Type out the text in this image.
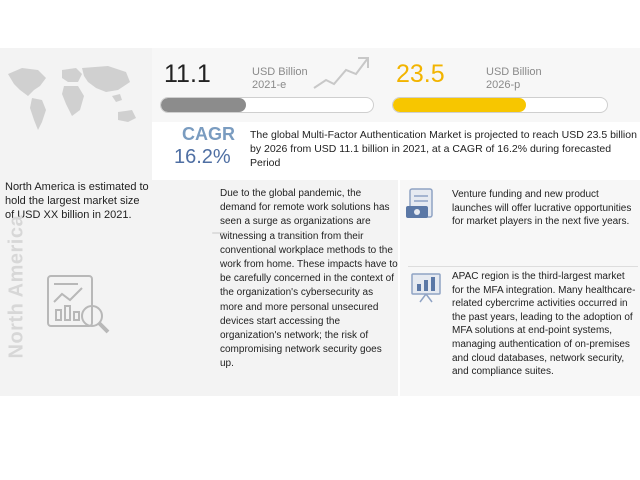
North America is estimated to hold the largest market size of USD XX billion in 2021.
North America
11.1	USD Billion
2021-e	23.5	USD Billion
2026-p
CAGR
16.2%
The global Multi-Factor Authentication Market is projected to reach USD 23.5 billion by 2026 from USD 11.1 billion in 2021, at a CAGR of 16.2% during forecasted Period
Due to the global pandemic, the demand for remote work solutions has seen a surge as organizations are witnessing a transition from their conventional workplace methods to the work from home. These impacts have to be carefully concerned in the context of the organization's cybersecurity as more and more personal unsecured devices start accessing the organization's network; the risk of compromising network security goes up.
Venture funding and new product launches will offer lucrative opportunities for market players in the next five years.
APAC region is the third-largest market for the MFA integration. Many healthcare-related cybercrime activities occurred in the past years, leading to the adoption of MFA solutions at end-point systems, managing authentication of on-premises and cloud databases, network security, and compliance suites.
